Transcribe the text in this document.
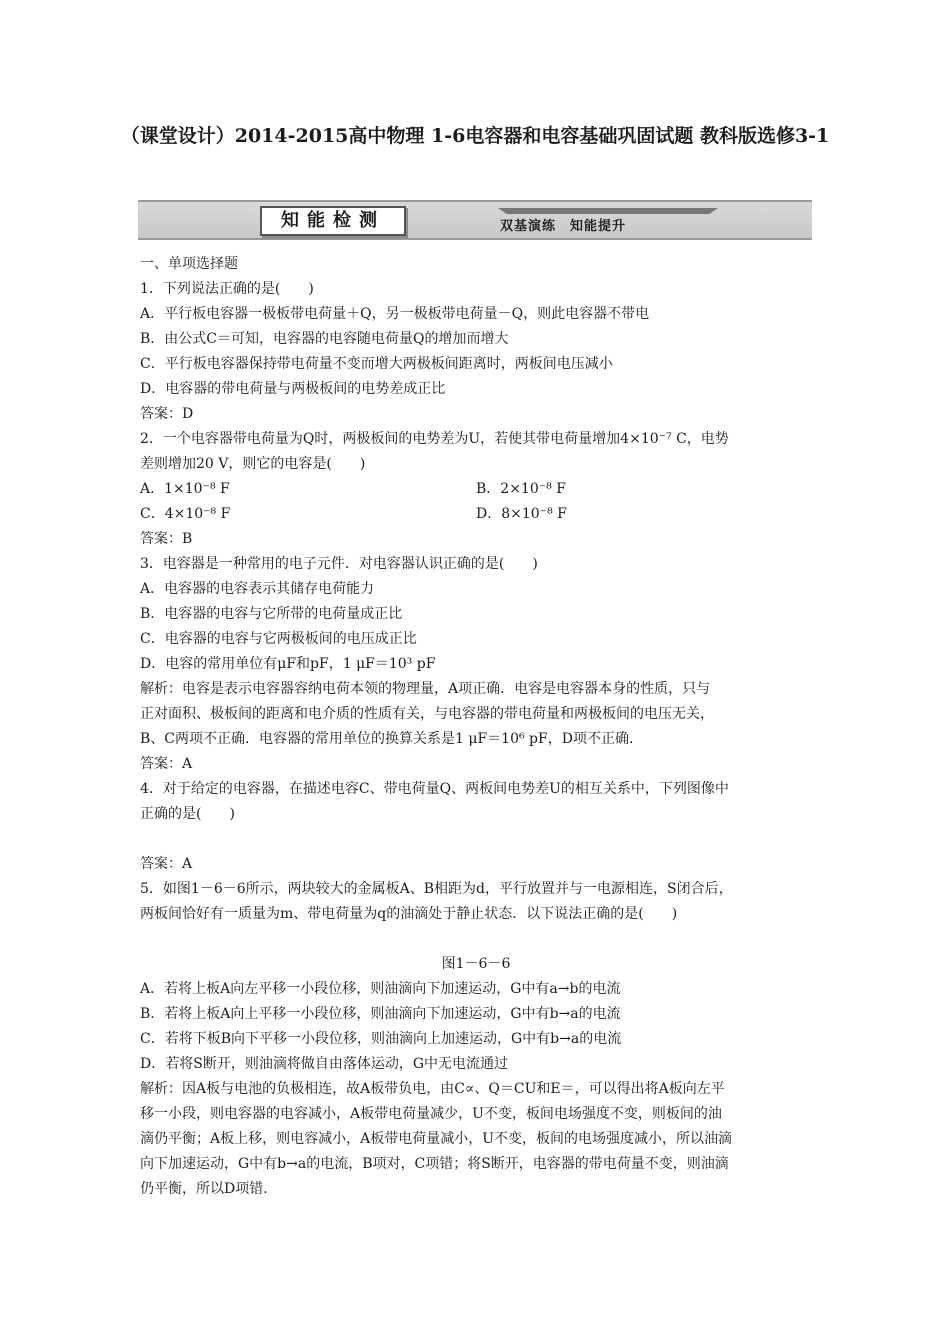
（课堂设计）2014-2015高中物理 1-6电容器和电容基础巩固试题 教科版选修3-1
知能检测	双基演练　知能提升
一、单项选择题
1．下列说法正确的是(　　)
A．平行板电容器一极板带电荷量＋Q，另一极板带电荷量－Q，则此电容器不带电
B．由公式C＝可知，电容器的电容随电荷量Q的增加而增大
C．平行板电容器保持带电荷量不变而增大两极板间距离时，两板间电压减小
D．电容器的带电荷量与两极板间的电势差成正比
答案：D
2．一个电容器带电荷量为Q时，两极板间的电势差为U，若使其带电荷量增加4×10⁻⁷ C，电势
差则增加20 V，则它的电容是(　　)
A．1×10⁻⁸ F	B．2×10⁻⁸ F
C．4×10⁻⁸ F	D．8×10⁻⁸ F
答案：B
3．电容器是一种常用的电子元件．对电容器认识正确的是(　　)
A．电容器的电容表示其储存电荷能力
B．电容器的电容与它所带的电荷量成正比
C．电容器的电容与它两极板间的电压成正比
D．电容的常用单位有μF和pF，1 μF＝10³ pF
解析：电容是表示电容器容纳电荷本领的物理量，A项正确．电容是电容器本身的性质，只与
正对面积、极板间的距离和电介质的性质有关，与电容器的带电荷量和两极板间的电压无关，
B、C两项不正确．电容器的常用单位的换算关系是1 μF＝10⁶ pF，D项不正确．
答案：A
4．对于给定的电容器，在描述电容C、带电荷量Q、两板间电势差U的相互关系中，下列图像中
正确的是(　　)
答案：A
5．如图1－6－6所示，两块较大的金属板A、B相距为d，平行放置并与一电源相连，S闭合后，
两板间恰好有一质量为m、带电荷量为q的油滴处于静止状态．以下说法正确的是(　　)
图1－6－6
A．若将上板A向左平移一小段位移，则油滴向下加速运动，G中有a→b的电流
B．若将上板A向上平移一小段位移，则油滴向下加速运动，G中有b→a的电流
C．若将下板B向下平移一小段位移，则油滴向上加速运动，G中有b→a的电流
D．若将S断开，则油滴将做自由落体运动，G中无电流通过
解析：因A板与电池的负极相连，故A板带负电，由C∝、Q＝CU和E＝，可以得出将A板向左平
移一小段，则电容器的电容减小，A板带电荷量减少，U不变，板间电场强度不变，则板间的油
滴仍平衡；A板上移，则电容减小，A板带电荷量减小，U不变，板间的电场强度减小，所以油滴
向下加速运动，G中有b→a的电流，B项对，C项错；将S断开，电容器的带电荷量不变，则油滴
仍平衡，所以D项错．
